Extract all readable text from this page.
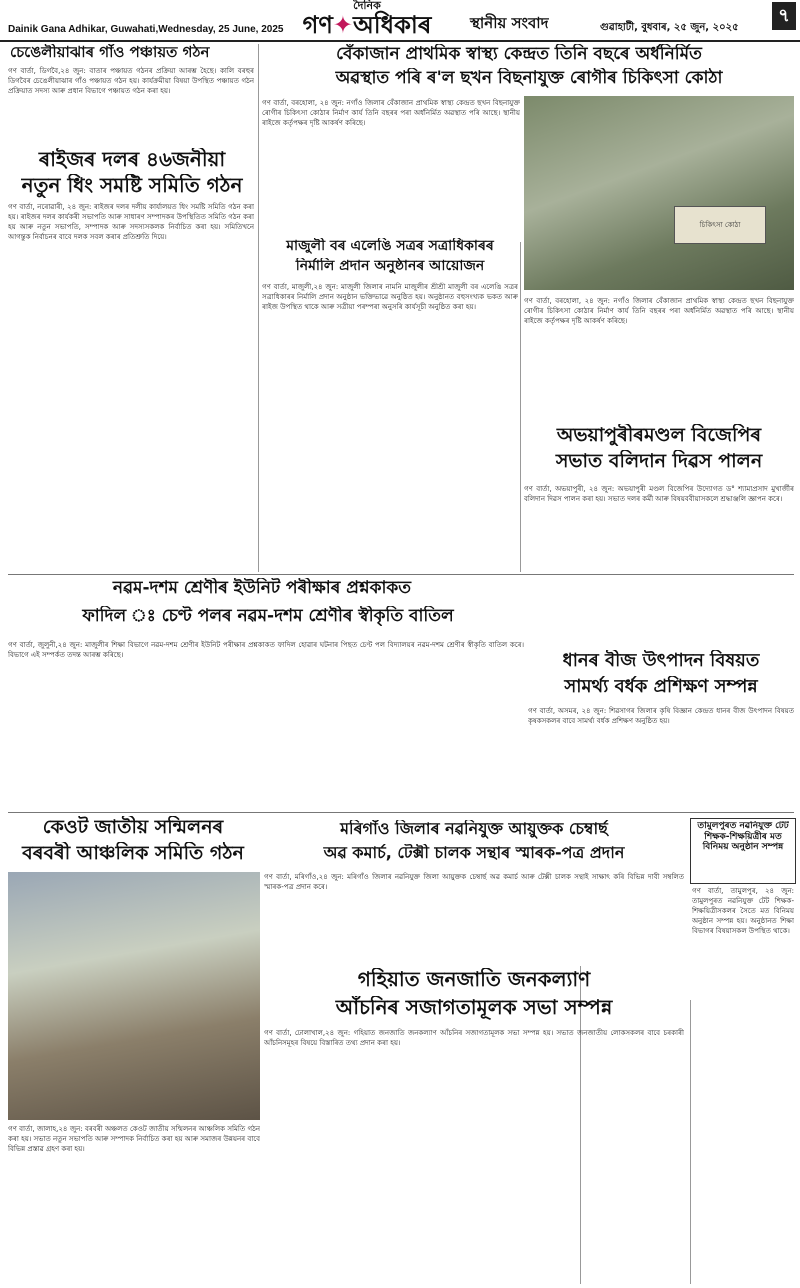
Dainik Gana Adhikar, Guwahati,Wednesday, 25 June, 2025
দৈনিক
গণ✦অধিকাৰ	স্থানীয় সংবাদ	গুৱাহাটী, বুধবাৰ, ২৫ জুন, ২০২৫
৭
চেঙেলীয়াঝাৰ গাঁও পঞ্চায়ত গঠন
গণ বাৰ্তা, ডিগবৈ,২৪ জুন: বাতাৰ পঞ্চায়ত গঠনৰ প্ৰক্ৰিয়া আৰম্ভ হৈছে। কালি বৰহুৰ ডিগবৈৰ চেঙেলীয়াঝাৰ গাঁও পঞ্চায়ত গঠন হয়। কাৰ্যক্ৰমীয়া বিষয়া উপস্থিত পঞ্চায়ত গঠন প্ৰক্ৰিয়াত সদস্য আৰু প্ৰধান বিভাগে পঞ্চায়ত গঠন কৰা হয়।
ৰাইজৰ দলৰ ৪৬জনীয়া
নতুন ধিং সমষ্টি সমিতি গঠন
গণ বাৰ্তা, নৰোৱাৰী, ২৪ জুন: ৰাইজৰ দলৰ দলীয় কাৰ্যালয়ত ধিং সমষ্টি সমিতি গঠন কৰা হয়। ৰাইজৰ দলৰ কাৰ্যকৰী সভাপতি আৰু সাধাৰণ সম্পাদকৰ উপস্থিতিত সমিতি গঠন কৰা হয় আৰু নতুন সভাপতি, সম্পাদক আৰু সদস্যসকলক নিৰ্বাচিত কৰা হয়। সমিতিখনে আগন্তুক নিৰ্বাচনৰ বাবে দলক সবল কৰাৰ প্ৰতিশ্ৰুতি দিয়ে।
বেঁকাজান প্ৰাথমিক স্বাস্থ্য কেন্দ্ৰত তিনি বছৰে অৰ্ধনিৰ্মিত
অৱস্থাত পৰি ৰ'ল ছখন বিছনাযুক্ত ৰোগীৰ চিকিৎসা কোঠা
গণ বাৰ্তা, বৰহোলা, ২৪ জুন: নগাঁও জিলাৰ বেঁকাজান প্ৰাথমিক স্বাস্থ্য কেন্দ্ৰত ছখন বিছনাযুক্ত ৰোগীৰ চিকিৎসা কোঠাৰ নিৰ্মাণ কাৰ্য তিনি বছৰৰ পৰা অৰ্ধনিৰ্মিত অৱস্থাত পৰি আছে। স্থানীয় ৰাইজে কৰ্তৃপক্ষৰ দৃষ্টি আকৰ্ষণ কৰিছে।
চিকিৎসা কোঠা
গণ বাৰ্তা, বৰহোলা, ২৪ জুন: নগাঁও জিলাৰ বেঁকাজান প্ৰাথমিক স্বাস্থ্য কেন্দ্ৰত ছখন বিছনাযুক্ত ৰোগীৰ চিকিৎসা কোঠাৰ নিৰ্মাণ কাৰ্য তিনি বছৰৰ পৰা অৰ্ধনিৰ্মিত অৱস্থাত পৰি আছে। স্থানীয় ৰাইজে কৰ্তৃপক্ষৰ দৃষ্টি আকৰ্ষণ কৰিছে।
মাজুলী বৰ এলেঙি সত্ৰৰ সত্ৰাধিকাৰৰ
নিৰ্মালি প্ৰদান অনুষ্ঠানৰ আয়োজন
গণ বাৰ্তা, মাজুলী,২৪ জুন: মাজুলী জিলাৰ নামনি মাজুলীৰ শ্ৰীশ্ৰী মাজুলী বৰ এলেঙি সত্ৰৰ সত্ৰাধিকাৰৰ নিৰ্মালি প্ৰদান অনুষ্ঠান ভক্তিভাৱে অনুষ্ঠিত হয়। অনুষ্ঠানত বহুসংখ্যক ভকত আৰু ৰাইজ উপস্থিত থাকে আৰু সত্ৰীয়া পৰম্পৰা অনুসৰি কাৰ্যসূচী অনুষ্ঠিত কৰা হয়।
অভয়াপুৰীৰমণ্ডল বিজেপিৰ
সভাত বলিদান দিৱস পালন
গণ বাৰ্তা, অভয়াপুৰী, ২৪ জুন: অভয়াপুৰী মণ্ডল বিজেপিৰ উদ্যোগত ড° শ্যামাপ্ৰসাদ মুখাৰ্জীৰ বলিদান দিৱস পালন কৰা হয়। সভাত দলৰ কৰ্মী আৰু বিষয়ববীয়াসকলে শ্ৰদ্ধাঞ্জলি জ্ঞাপন কৰে।
নৱম-দশম শ্ৰেণীৰ ইউনিট পৰীক্ষাৰ প্ৰশ্নকাকত
ফাদিল ঃ চেণ্ট পলৰ নৱম-দশম শ্ৰেণীৰ স্বীকৃতি বাতিল
গণ বাৰ্তা, জুলুনী,২৪ জুন: মাজুলীৰ শিক্ষা বিভাগে নৱম-দশম শ্ৰেণীৰ ইউনিট পৰীক্ষাৰ প্ৰশ্নকাকত ফাদিল হোৱাৰ ঘটনাৰ পিছত চেণ্ট পল বিদ্যালয়ৰ নৱম-দশম শ্ৰেণীৰ স্বীকৃতি বাতিল কৰে। বিভাগে এই সম্পৰ্কত তদন্ত আৰম্ভ কৰিছে।	ধানৰ বীজ উৎপাদন বিষয়ত
সামৰ্থ্য বৰ্ধক প্ৰশিক্ষণ সম্পন্ন
গণ বাৰ্তা, অসমৰ, ২৪ জুন: শিৱসাগৰ জিলাৰ কৃষি বিজ্ঞান কেন্দ্ৰত ধানৰ বীজ উৎপাদন বিষয়ত কৃষকসকলৰ বাবে সামৰ্থ্য বৰ্ধক প্ৰশিক্ষণ অনুষ্ঠিত হয়।
কেওট জাতীয় সন্মিলনৰ
বৰবৰী আঞ্চলিক সমিতি গঠন
গণ বাৰ্তা, জালাহ,২৪ জুন: বৰবৰী অঞ্চলত কেওট জাতীয় সন্মিলনৰ আঞ্চলিক সমিতি গঠন কৰা হয়। সভাত নতুন সভাপতি আৰু সম্পাদক নিৰ্বাচিত কৰা হয় আৰু সমাজৰ উন্নয়নৰ বাবে বিভিন্ন প্ৰস্তাৱ গ্ৰহণ কৰা হয়।
মৰিগাঁও জিলাৰ নৱনিযুক্ত আয়ুক্তক চেম্বাৰ্ছ
অৱ কমাৰ্চ, টেক্সী চালক সন্থাৰ স্মাৰক-পত্ৰ প্ৰদান
গণ বাৰ্তা, মৰিগাঁও,২৪ জুন: মৰিগাঁও জিলাৰ নৱনিযুক্ত জিলা আয়ুক্তক চেম্বাৰ্ছ অৱ কমাৰ্চ আৰু টেক্সী চালক সন্থাই সাক্ষাৎ কৰি বিভিন্ন দাবী সম্বলিত স্মাৰক-পত্ৰ প্ৰদান কৰে।
তামুলপুৰত নৱনিযুক্ত টেট শিক্ষক-শিক্ষয়িত্ৰীৰ মত বিনিময় অনুষ্ঠান সম্পন্ন
গণ বাৰ্তা, তামুলপুৰ, ২৪ জুন: তামুলপুৰত নৱনিযুক্ত টেট শিক্ষক-শিক্ষয়িত্ৰীসকলৰ সৈতে মত বিনিময় অনুষ্ঠান সম্পন্ন হয়। অনুষ্ঠানত শিক্ষা বিভাগৰ বিষয়াসকল উপস্থিত থাকে।
গহিয়াত জনজাতি জনকল্যাণ
আঁচনিৰ সজাগতামূলক সভা সম্পন্ন
গণ বাৰ্তা, ঢোলাখাল,২৪ জুন: গহিয়াত জনজাতি জনকল্যাণ আঁচনিৰ সজাগতামূলক সভা সম্পন্ন হয়। সভাত জনজাতীয় লোকসকলৰ বাবে চৰকাৰী আঁচনিসমূহৰ বিষয়ে বিস্তাৰিত তথ্য প্ৰদান কৰা হয়।
